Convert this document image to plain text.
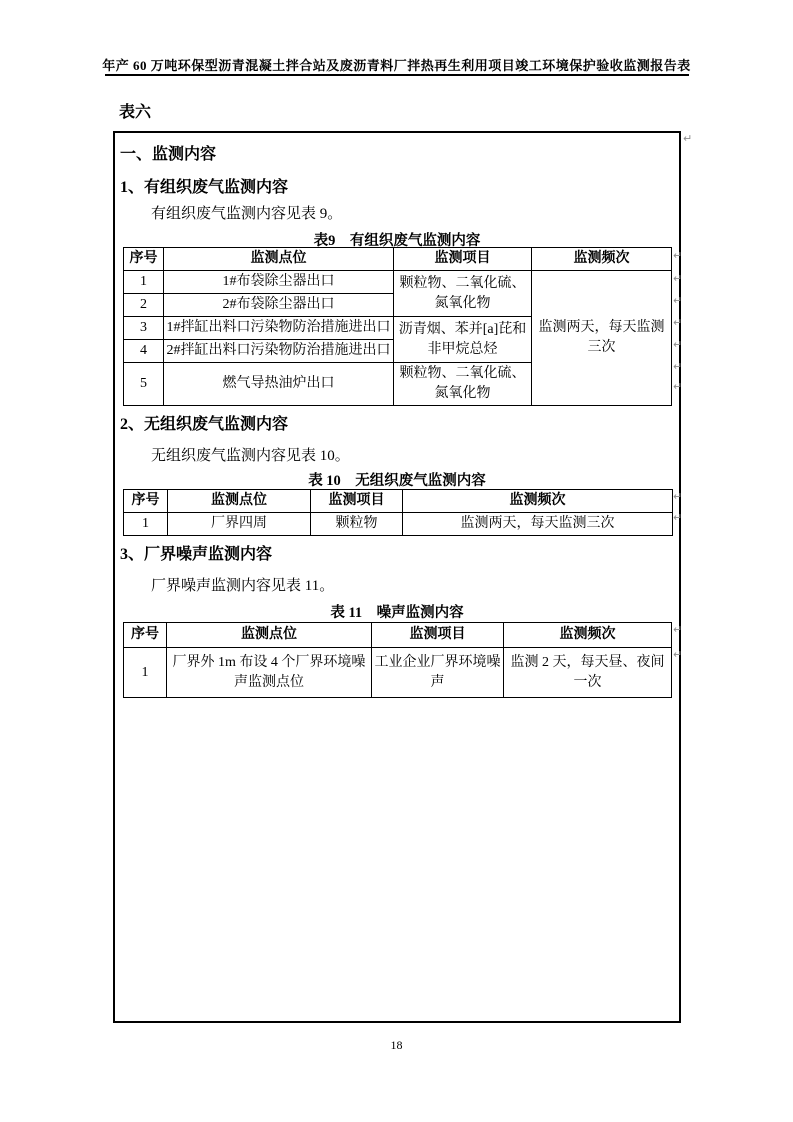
年产 60 万吨环保型沥青混凝土拌合站及废沥青料厂拌热再生利用项目竣工环境保护验收监测报告表
表六
一、监测内容
1、有组织废气监测内容
有组织废气监测内容见表 9。
表9　有组织废气监测内容
序号	监测点位	监测项目	监测频次
1	1#布袋除尘器出口	颗粒物、二氧化硫、氮氧化物	监测两天，每天监测三次
2	2#布袋除尘器出口		
3	1#拌缸出料口污染物防治措施进出口	沥青烟、苯并[a]芘和非甲烷总烃	
4	2#拌缸出料口污染物防治措施进出口		
5	燃气导热油炉出口	颗粒物、二氧化硫、氮氧化物	
2、无组织废气监测内容
无组织废气监测内容见表 10。
表 10　无组织废气监测内容
序号	监测点位	监测项目	监测频次
1	厂界四周	颗粒物	监测两天，每天监测三次
3、厂界噪声监测内容
厂界噪声监测内容见表 11。
表 11　噪声监测内容
序号	监测点位	监测项目	监测频次
1	厂界外 1m 布设 4 个厂界环境噪声监测点位	工业企业厂界环境噪声	监测 2 天，每天昼、夜间一次
↵
↵
↵
↵
↵
↵
↵
↵
↵
↵
↵
↵
18
